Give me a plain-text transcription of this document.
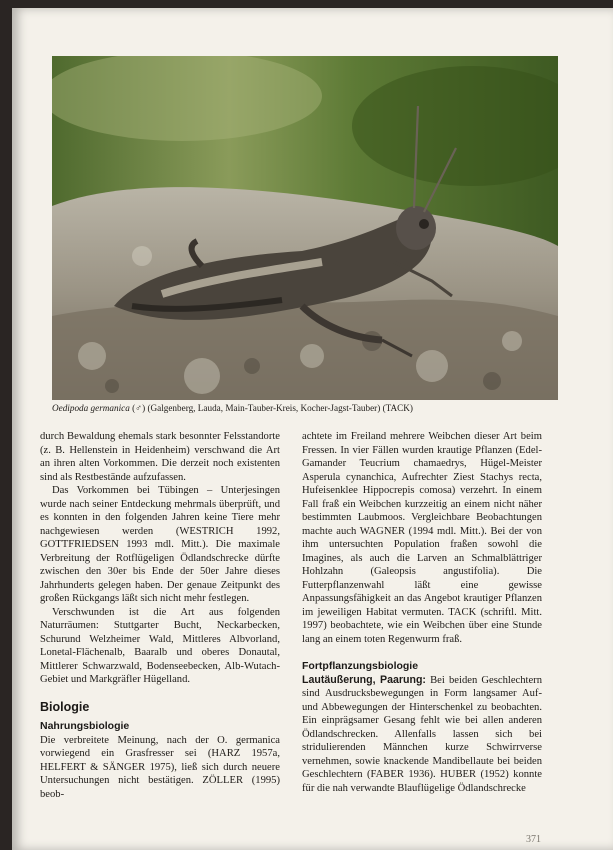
Oedipoda germanica (♂) (Galgenberg, Lauda, Main-Tauber-Kreis, Kocher-Jagst-Tauber) (TACK)

durch Bewaldung ehemals stark besonnter Felsstandorte (z. B. Hellenstein in Heidenheim) verschwand die Art an ihren alten Vorkommen. Die derzeit noch existenten sind als Restbestände aufzufassen.

Das Vorkommen bei Tübingen – Unterjesingen wurde nach seiner Entdeckung mehrmals überprüft, und es konnten in den folgenden Jahren keine Tiere mehr nachgewiesen werden (WESTRICH 1992, GOTTFRIEDSEN 1993 mdl. Mitt.). Die maximale Verbreitung der Rotflügeligen Ödlandschrecke dürfte zwischen den 30er bis Ende der 50er Jahre dieses Jahrhunderts gelegen haben. Der genaue Zeitpunkt des großen Rückgangs läßt sich nicht mehr festlegen.

Verschwunden ist die Art aus folgenden Naturräumen: Stuttgarter Bucht, Neckarbecken, Schurund Welzheimer Wald, Mittleres Albvorland, Lonetal-Flächenalb, Baaralb und oberes Donautal, Mittlerer Schwarzwald, Bodenseebecken, Alb-Wutach-Gebiet und Markgräfler Hügelland.

Biologie
Nahrungsbiologie

Die verbreitete Meinung, nach der O. germanica vorwiegend ein Grasfresser sei (HARZ 1957a, HELFERT & SÄNGER 1975), ließ sich durch neuere Untersuchungen nicht bestätigen. ZÖLLER (1995) beob-

achtete im Freiland mehrere Weibchen dieser Art beim Fressen. In vier Fällen wurden krautige Pflanzen (Edel-Gamander Teucrium chamaedrys, Hügel-Meister Asperula cynanchica, Aufrechter Ziest Stachys recta, Hufeisenklee Hippocrepis comosa) verzehrt. In einem Fall fraß ein Weibchen kurzzeitig an einem nicht näher bestimmten Laubmoos. Vergleichbare Beobachtungen machte auch WAGNER (1994 mdl. Mitt.). Bei der von ihm untersuchten Population fraßen sowohl die Imagines, als auch die Larven an Schmalblättriger Hohlzahn (Galeopsis angustifolia). Die Futterpflanzenwahl läßt eine gewisse Anpassungsfähigkeit an das Angebot krautiger Pflanzen im jeweiligen Habitat vermuten. TACK (schriftl. Mitt. 1997) beobachtete, wie ein Weibchen über eine Stunde lang an einem toten Regenwurm fraß.

Fortpflanzungsbiologie

Lautäußerung, Paarung: Bei beiden Geschlechtern sind Ausdrucksbewegungen in Form langsamer Auf- und Abbewegungen der Hinterschenkel zu beobachten. Ein einprägsamer Gesang fehlt wie bei allen anderen Ödlandschrecken. Allenfalls lassen sich bei stridulierenden Männchen kurze Schwirrverse vernehmen, sowie knackende Mandibellaute bei beiden Geschlechtern (FABER 1936). HUBER (1952) konnte für die nah verwandte Blauflügelige Ödlandschrecke

371
